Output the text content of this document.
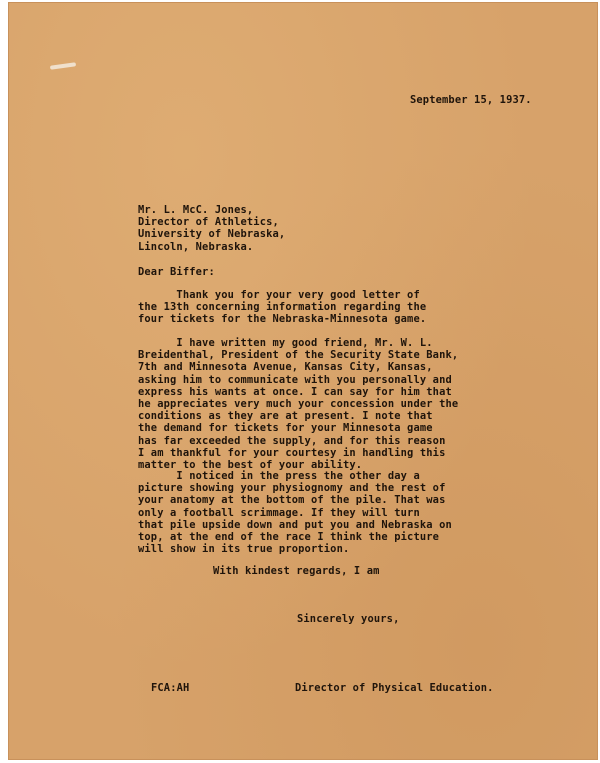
September 15, 1937.
Mr. L. McC. Jones,
Director of Athletics,
University of Nebraska,
Lincoln, Nebraska.
Dear Biffer:
Thank you for your very good letter of
the 13th concerning information regarding the
four tickets for the Nebraska-Minnesota game.
I have written my good friend, Mr. W. L.
Breidenthal, President of the Security State Bank,
7th and Minnesota Avenue, Kansas City, Kansas,
asking him to communicate with you personally and
express his wants at once. I can say for him that
he appreciates very much your concession under the
conditions as they are at present. I note that
the demand for tickets for your Minnesota game
has far exceeded the supply, and for this reason
I am thankful for your courtesy in handling this
matter to the best of your ability.
I noticed in the press the other day a
picture showing your physiognomy and the rest of
your anatomy at the bottom of the pile. That was
only a football scrimmage. If they will turn
that pile upside down and put you and Nebraska on
top, at the end of the race I think the picture
will show in its true proportion.
With kindest regards, I am
Sincerely yours,
FCA:AH	Director of Physical Education.
